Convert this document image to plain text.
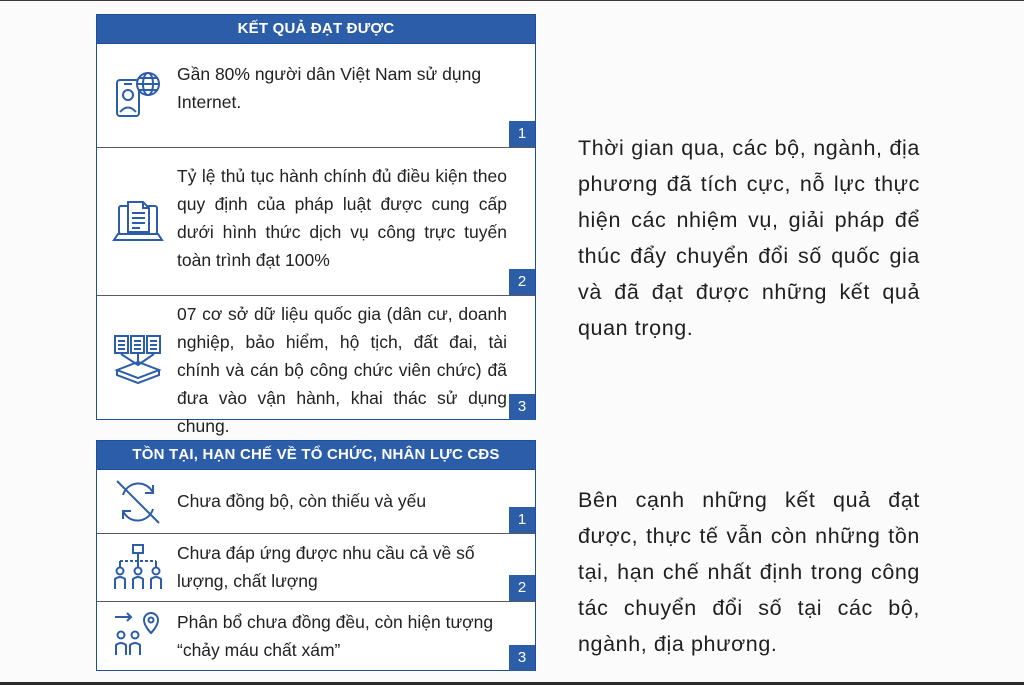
KẾT QUẢ ĐẠT ĐƯỢC
Gần 80% người dân Việt Nam sử dụng Internet.
1
Tỷ lệ thủ tục hành chính đủ điều kiện theo quy định của pháp luật được cung cấp dưới hình thức dịch vụ công trực tuyến toàn trình đạt 100%
2
07 cơ sở dữ liệu quốc gia (dân cư, doanh nghiệp, bảo hiểm, hộ tịch, đất đai, tài chính và cán bộ công chức viên chức) đã đưa vào vận hành, khai thác sử dụng chung.
3
TỒN TẠI, HẠN CHẾ VỀ TỔ CHỨC, NHÂN LỰC CĐS
Chưa đồng bộ, còn thiếu và yếu
1
Chưa đáp ứng được nhu cầu cả về số lượng, chất lượng	2
Phân bổ chưa đồng đều, còn hiện tượng “chảy máu chất xám”	3
Thời gian qua, các bộ, ngành, địa phương đã tích cực, nỗ lực thực hiện các nhiệm vụ, giải pháp để thúc đẩy chuyển đổi số quốc gia và đã đạt được những kết quả quan trọng.
Bên cạnh những kết quả đạt được, thực tế vẫn còn những tồn tại, hạn chế nhất định trong công tác chuyển đổi số tại các bộ, ngành, địa phương.
